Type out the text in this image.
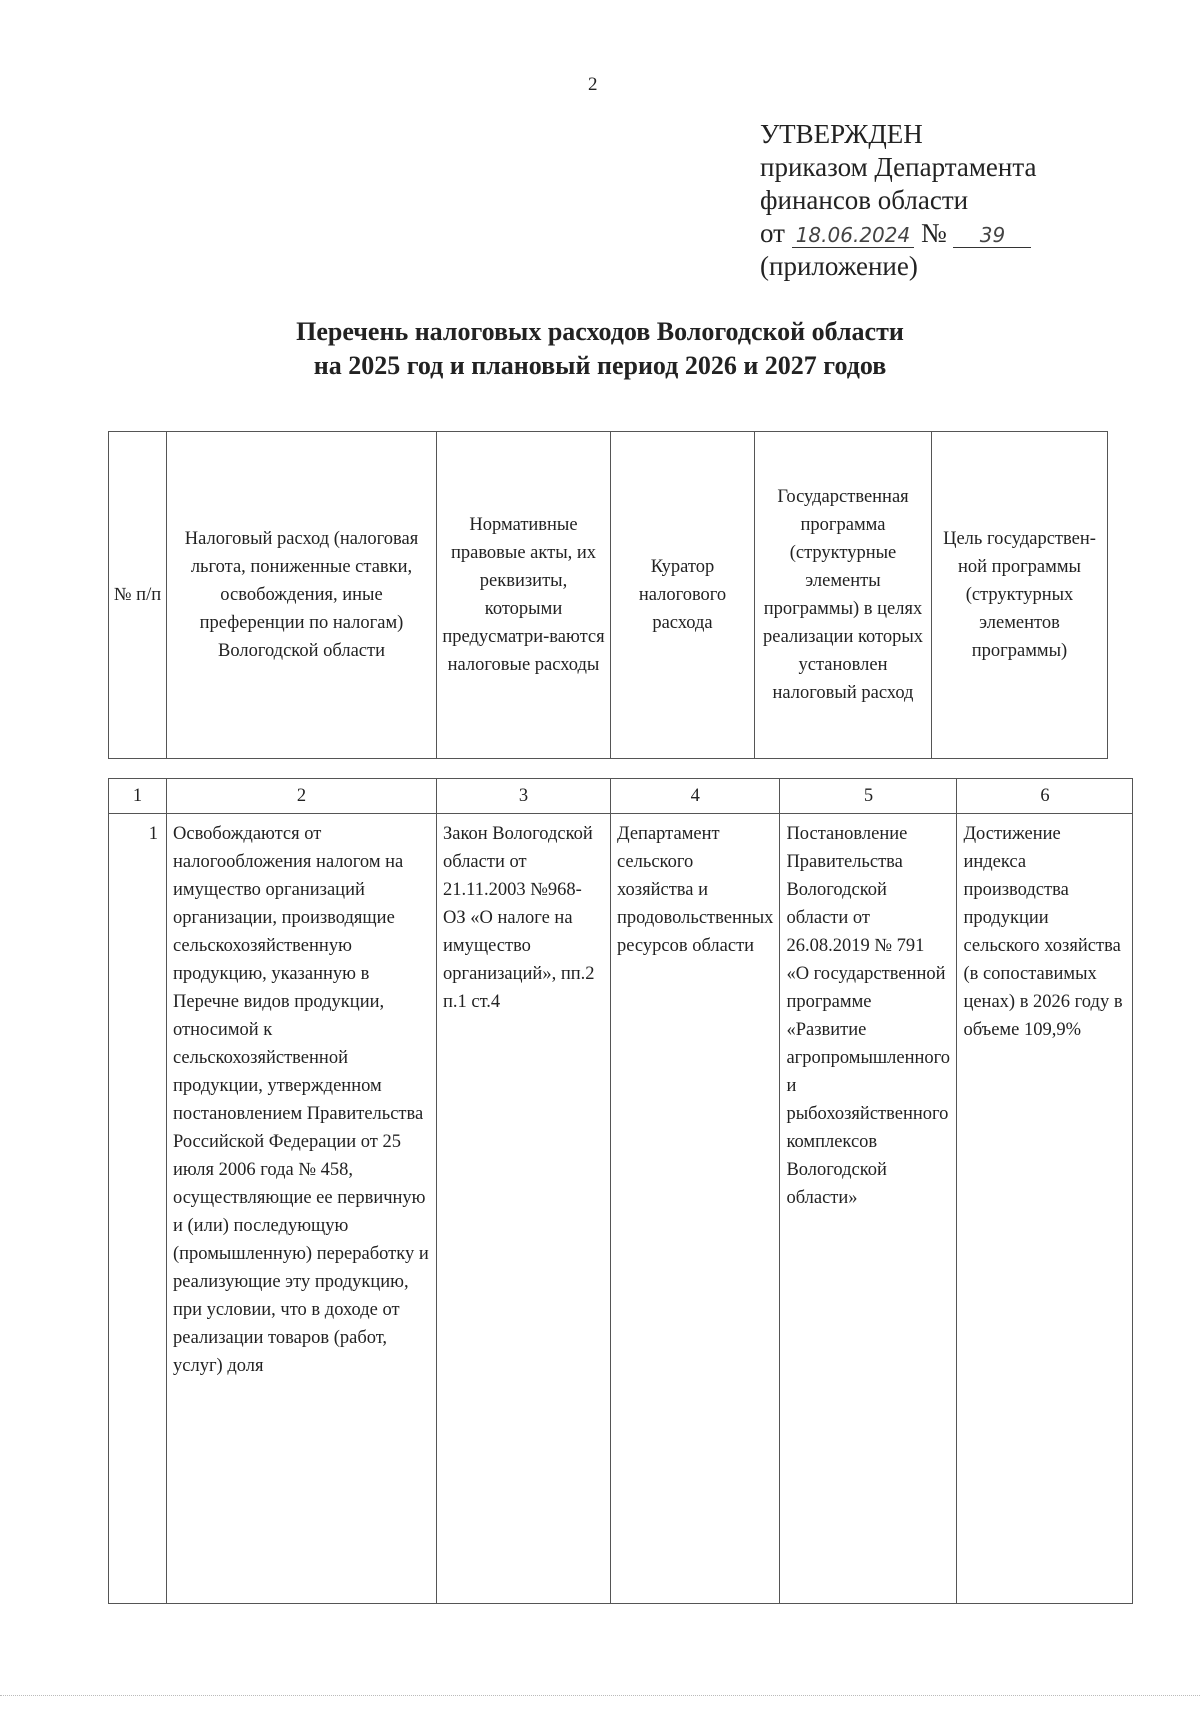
2
УТВЕРЖДЕН
приказом Департамента
финансов области
от 18.06.2024 № 39
(приложение)
Перечень налоговых расходов Вологодской области
на 2025 год и плановый период 2026 и 2027 годов
№ п/п	Налоговый расход (налоговая льгота, пониженные ставки, освобождения, иные преференции по налогам) Вологодской области	Нормативные правовые акты, их реквизиты, которыми предусматри-ваются налоговые расходы	Куратор налогового расхода	Государственная программа (структурные элементы программы) в целях реализации которых установлен налоговый расход	Цель государствен-ной программы (структурных элементов программы)
1	2	3	4	5	6
1	Освобождаются от налогообложения налогом на имущество организаций организации, производящие сельскохозяйственную продукцию, указанную в Перечне видов продукции, относимой к сельскохозяйственной продукции, утвержденном постановлением Правительства Российской Федерации от 25 июля 2006 года № 458, осуществляющие ее первичную и (или) последующую (промышленную) переработку и реализующие эту продукцию, при условии, что в доходе от реализации товаров (работ, услуг) доля	Закон Вологодской области от 21.11.2003 №968-ОЗ «О налоге на имущество организаций», пп.2 п.1 ст.4	Департамент сельского хозяйства и продовольственных ресурсов области	Постановление Правительства Вологодской области от 26.08.2019 № 791 «О государственной программе «Развитие агропромышленного и рыбохозяйственного комплексов Вологодской области»	Достижение индекса производства продукции сельского хозяйства (в сопоставимых ценах) в 2026 году в объеме 109,9%
